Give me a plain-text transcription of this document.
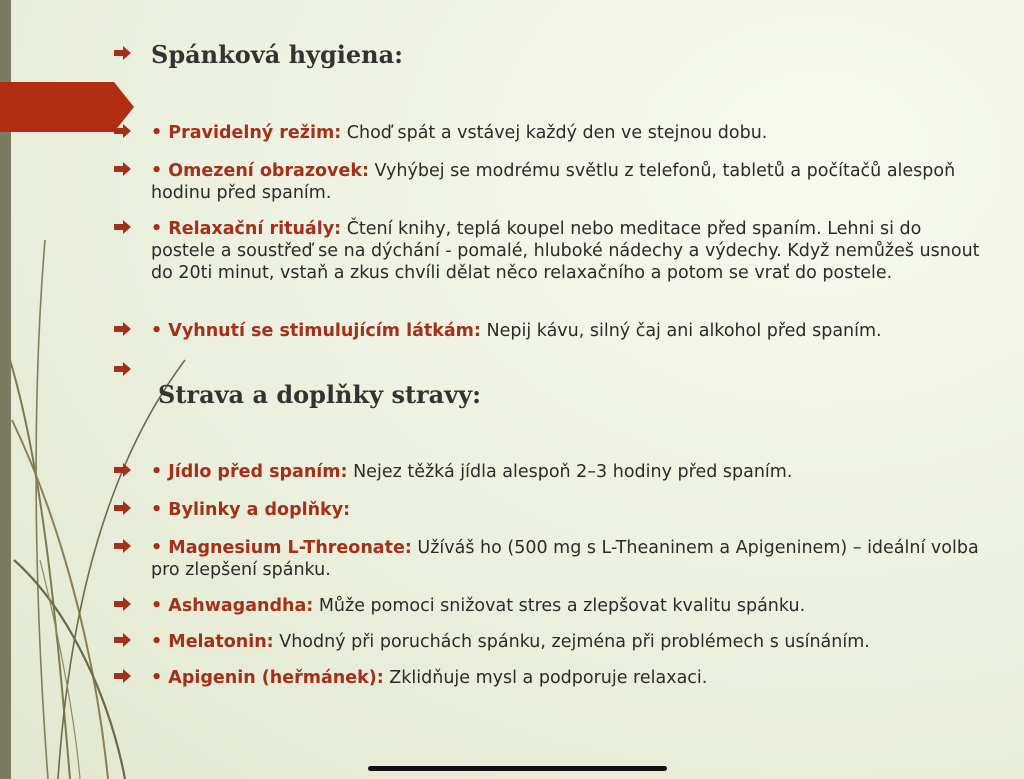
Spánková hygiena:
• Pravidelný režim: Choď spát a vstávej každý den ve stejnou dobu.
• Omezení obrazovek: Vyhýbej se modrému světlu z telefonů, tabletů a počítačů alespoň hodinu před spaním.
• Relaxační rituály: Čtení knihy, teplá koupel nebo meditace před spaním. Lehni si do postele a soustřeď se na dýchání - pomalé, hluboké nádechy a výdechy. Když nemůžeš usnout do 20ti minut, vstaň a zkus chvíli dělat něco relaxačního a potom se vrať do postele.
• Vyhnutí se stimulujícím látkám: Nepij kávu, silný čaj ani alkohol před spaním.
Strava a doplňky stravy:
• Jídlo před spaním: Nejez těžká jídla alespoň 2–3 hodiny před spaním.
• Bylinky a doplňky:
• Magnesium L-Threonate: Užíváš ho (500 mg s L-Theaninem a Apigeninem) – ideální volba pro zlepšení spánku.
• Ashwagandha: Může pomoci snižovat stres a zlepšovat kvalitu spánku.
• Melatonin: Vhodný při poruchách spánku, zejména při problémech s usínáním.
• Apigenin (heřmánek): Zklidňuje mysl a podporuje relaxaci.
